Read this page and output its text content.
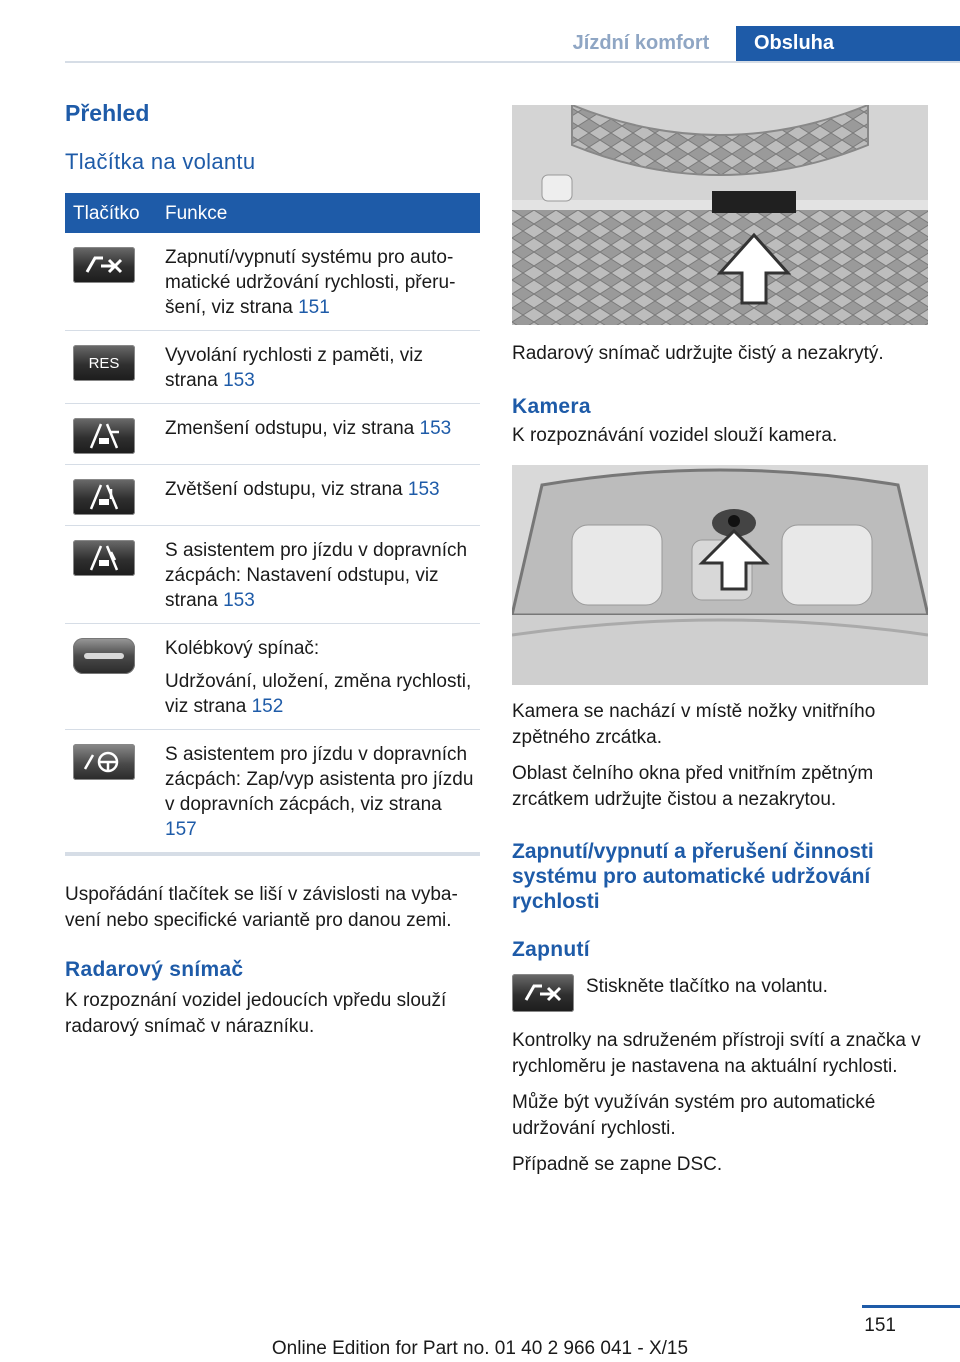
Jízdní komfort	Obsluha
Přehled
Tlačítka na volantu
Tlačítko	Funkce

	Zapnutí/vypnutí systému pro automatické udržování rychlosti, přerušení, viz strana 151

RES	Vyvolání rychlosti z paměti, viz strana 153

	Zmenšení odstupu, viz strana 153

	Zvětšení odstupu, viz strana 153

	S asistentem pro jízdu v dopravních zácpách: Nastavení odstupu, viz strana 153

	Kolébkový spínač:

Udržování, uložení, změna rychlosti, viz strana 152

	S asistentem pro jízdu v dopravních zácpách: Zap/vyp asistenta pro jízdu v dopravních zácpách, viz strana 157

Uspořádání tlačítek se liší v závislosti na vybavení nebo specifické variantě pro danou zemi.

Radarový snímač

K rozpoznání vozidel jedoucích vpředu slouží radarový snímač v nárazníku.

Radarový snímač udržujte čistý a nezakrytý.

Kamera

K rozpoznávání vozidel slouží kamera.

Kamera se nachází v místě nožky vnitřního zpětného zrcátka.

Oblast čelního okna před vnitřním zpětným zrcátkem udržujte čistou a nezakrytou.

Zapnutí/vypnutí a přerušení činnosti systému pro automatické udržování rychlosti
Zapnutí
Stiskněte tlačítko na volantu.

Kontrolky na sdruženém přístroji svítí a značka v rychloměru je nastavena na aktuální rychlosti.

Může být využíván systém pro automatické udržování rychlosti.

Případně se zapne DSC.

151
Online Edition for Part no. 01 40 2 966 041 - X/15
